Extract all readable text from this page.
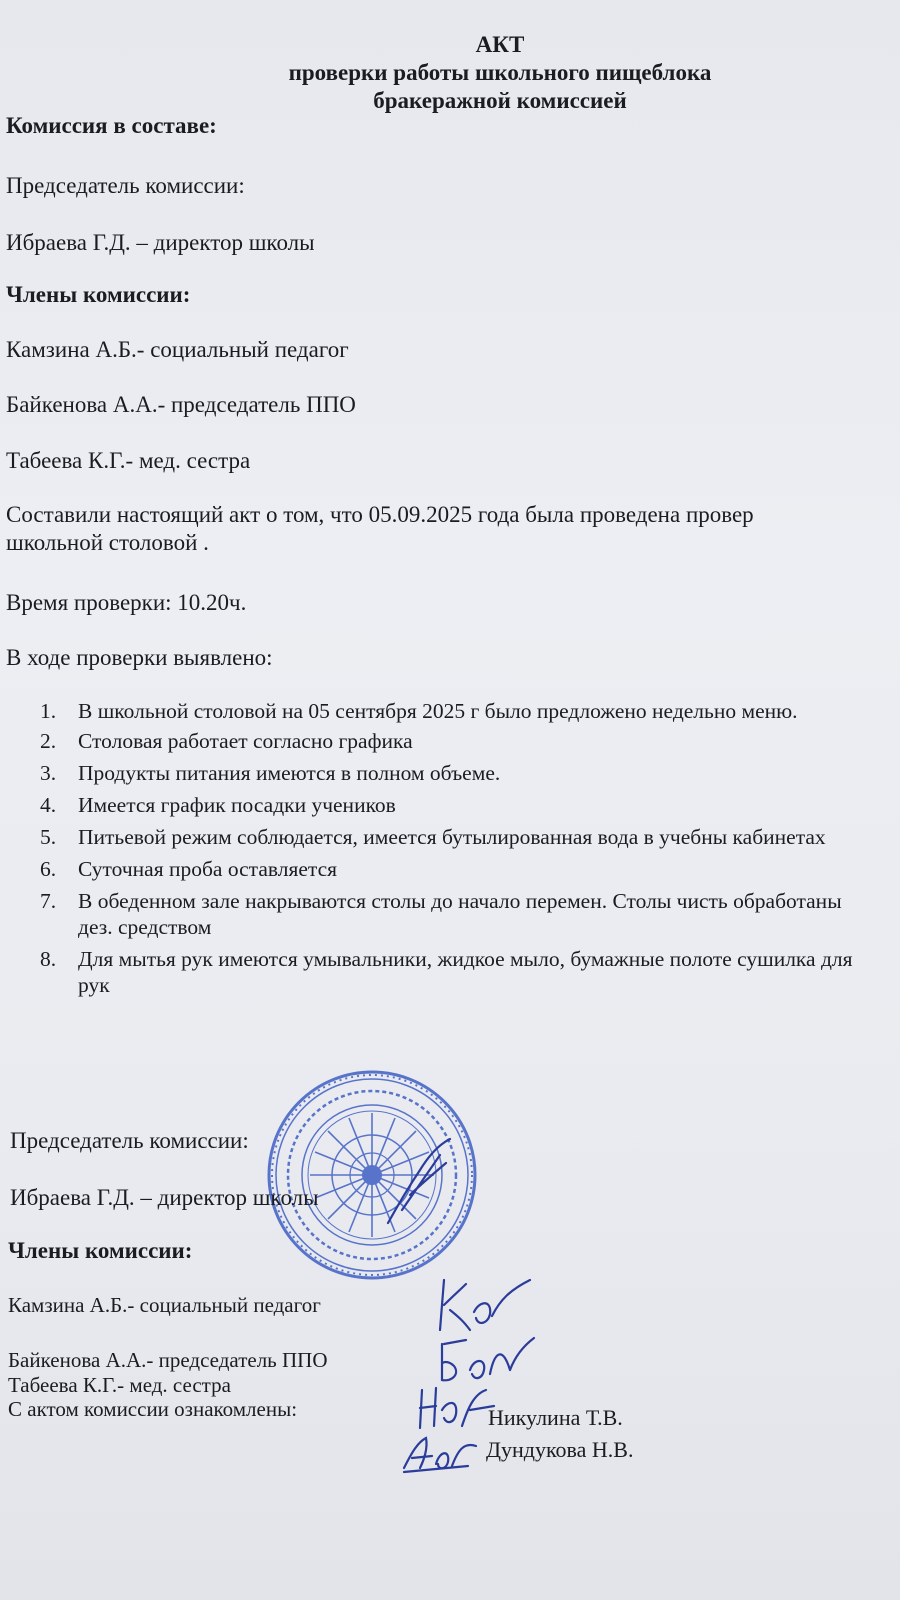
АКТ
проверки работы школьного пищеблока
бракеражной комиссией
Комиссия в составе:
Председатель комиссии:
Ибраева Г.Д. – директор школы
Члены комиссии:
Камзина А.Б.- социальный педагог
Байкенова А.А.- председатель ППО
Табеева К.Г.- мед. сестра
Составили настоящий акт о том, что 05.09.2025 года была проведена провер
школьной столовой .
Время проверки: 10.20ч.
В ходе проверки выявлено:
1.	В школьной столовой на 05 сентября 2025 г было предложено недельно меню.
2.	Столовая работает согласно графика
3.	Продукты питания имеются в полном объеме.
4.	Имеется график посадки учеников
5.	Питьевой режим соблюдается, имеется бутылированная вода в учебны кабинетах
6.	Суточная проба оставляется
7.	В обеденном зале накрываются столы до начало перемен. Столы чисть обработаны дез. средством
8.	Для мытья рук имеются умывальники, жидкое мыло, бумажные полоте сушилка для рук
Председатель комиссии:
Ибраева Г.Д. – директор школы
Члены комиссии:
Камзина А.Б.- социальный педагог
Байкенова А.А.- председатель ППО
Табеева К.Г.- мед. сестра
С актом комиссии ознакомлены:	Никулина Т.В.
Дундукова Н.В.
